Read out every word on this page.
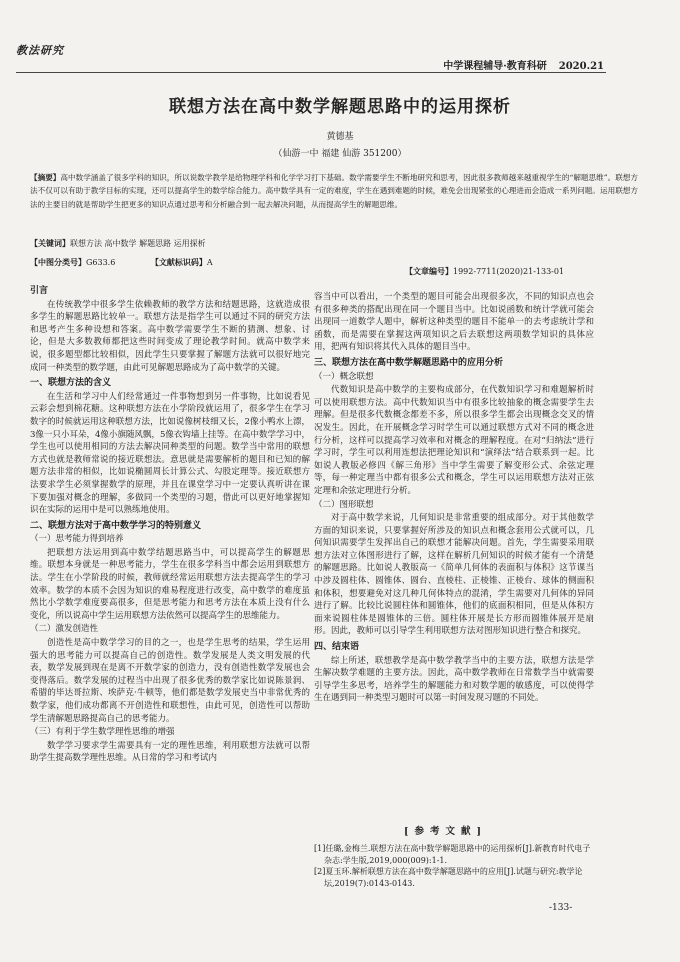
教法研究
中学课程辅导·教育科研 2020.21
联想方法在高中数学解题思路中的运用探析
黄德基
（仙游一中 福建 仙游 351200）
【摘要】高中数学涵盖了很多学科的知识，所以说数学教学是给物理学科和化学学习打下基础。数学需要学生不断地研究和思考，因此很多教师越来越重视学生的“解题思维”。联想方法不仅可以有助于教学目标的实现，还可以提高学生的数学综合能力。高中数学具有一定的难度，学生在遇到难题的时候，难免会出现紧张的心理进而会造成一系列问题。运用联想方法的主要目的就是帮助学生把更多的知识点通过思考和分析融合到一起去解决问题，从而提高学生的解题思维。
【关键词】联想方法 高中数学 解题思路 运用探析
【中图分类号】G633.6	【文献标识码】A
【文章编号】1992-7711(2020)21-133-01
引言

在传统教学中很多学生依赖教师的教学方法和结题思路，这就造成很多学生的解题思路比较单一。联想方法是指学生可以通过不同的研究方法和思考产生多种设想和答案。高中数学需要学生不断的猜测、想象、讨论，但是大多数教师都把这些时间变成了理论教学时间。就高中数学来说，很多题型都比较相似，因此学生只要掌握了解题方法就可以很好地完成同一种类型的数学题，由此可见解题思路成为了高中数学的关键。

一、联想方法的含义

在生活和学习中人们经常通过一件事物想到另一件事物，比如说看见云彩会想到棉花糖。这种联想方法在小学阶段就运用了，很多学生在学习数字的时候就运用这种联想方法，比如说像树枝细又长，2像小鸭水上漂，3像一只小耳朵，4像小旗随风飘，5像衣钩墙上挂等。在高中数学学习中，学生也可以使用相同的方法去解决同种类型的问题。数学当中常用的联想方式也就是教师常说的接近联想法。意思就是需要解析的题目和已知的解题方法非常的相似，比如说椭圆周长计算公式、勾股定理等。接近联想方法要求学生必须掌握数学的原理，并且在课堂学习中一定要认真听讲在课下要加强对概念的理解，多做同一个类型的习题，借此可以更好地掌握知识在实际的运用中是可以熟练地使用。

二、联想方法对于高中数学学习的特别意义
（一）思考能力得到培养

把联想方法运用到高中数学结题思路当中，可以提高学生的解题思维。联想本身就是一种思考能力，学生在很多学科当中都会运用到联想方法。学生在小学阶段的时候，教师就经常运用联想方法去提高学生的学习效率。数学的本质不会因为知识的难易程度进行改变，高中数学的难度虽然比小学数学难度要高很多，但是思考能力和思考方法在本质上没有什么变化，所以说高中学生运用联想方法依然可以提高学生的思维能力。

（二）激发创造性

创造性是高中数学学习的目的之一，也是学生思考的结果，学生运用强大的思考能力可以提高自己的创造性。数学发展是人类文明发展的代表，数学发展到现在是离不开数学家的创造力，没有创造性数学发展也会变得落后。数学发展的过程当中出现了很多优秀的数学家比如说陈景润、希腊的毕达哥拉斯、埃萨克·牛顿等，他们都是数学发展史当中非常优秀的数学家，他们成功都离不开创造性和联想性，由此可见，创造性可以帮助学生清解题思路提高自己的思考能力。

（三）有利于学生数学理性思维的增强

数学学习要求学生需要具有一定的理性思维，利用联想方法就可以帮助学生提高数学理性思维。从日常的学习和考试内

容当中可以看出，一个类型的题目可能会出现很多次，不同的知识点也会有很多种类的搭配出现在同一个题目当中。比如说函数和统计学就可能会出现同一道数学人题中，解析这种类型的题目不能单一的去考虑统计学和函数，而是需要在掌握这两项知识之后去联想这两项数学知识的具体应用，把两有知识将其代入具体的题目当中。

三、联想方法在高中数学解题思路中的应用分析
（一）概念联想

代数知识是高中数学的主要构成部分，在代数知识学习和难题解析时可以使用联想方法。高中代数知识当中有很多比较抽象的概念需要学生去理解。但是很多代数概念都差不多，所以很多学生都会出现概念交叉的情况发生。因此，在开展概念学习时学生可以通过联想方式对不同的概念进行分析，这样可以提高学习效率和对概念的理解程度。在对“归纳法”进行学习时，学生可以利用连想法把理论知识和“演绎法”结合联系到一起。比如说人教版必修四《解三角形》当中学生需要了解变形公式、余弦定理等，每一种定理当中都有很多公式和概念，学生可以运用联想方法对正弦定理和余弦定理进行分析。

（二）图形联想

对于高中数学来说，几何知识是非常重要的组成部分。对于其他数学方面的知识来说，只要掌握好所涉及的知识点和概念套用公式就可以，几何知识需要学生发挥出自己的联想才能解决问题。首先，学生需要采用联想方法对立体图形进行了解，这样在解析几何知识的时候才能有一个清楚的解题思路。比如说人教版高一《简单几何体的表面积与体积》这节课当中涉及圆柱体、圆锥体、圆台、直棱柱、正棱锥、正棱台、球体的侧面积和体积，想要避免对这几种几何体特点的混淆，学生需要对几何体的异同进行了解。比较比说圆柱体和圆锥体，他们的底面积相同，但是从体积方面来说圆柱体是圆锥体的三倍。圆柱体开展是长方形而圆锥体展开是扇形。因此，教师可以引导学生利用联想方法对图形知识进行整合和探究。

四、结束语

综上所述，联想教学是高中数学教学当中的主要方法，联想方法是学生解决数学难题的主要方法。因此，高中数学教师在日常数学当中就需要引导学生多思考，培养学生的解题能力和对数学题的敏感度，可以使得学生在遇到同一种类型习题时可以第一时间发现习题的不同处。

[参考文献]
[1]任璐,金梅兰.联想方法在高中数学解题思路中的运用探析[J].新教育时代电子杂志:学生版,2019,000(009):1-1.
[2]夏玉环.解析联想方法在高中数学解题思路中的应用[J].试题与研究:教学论坛,2019(7):0143-0143.
-133-
